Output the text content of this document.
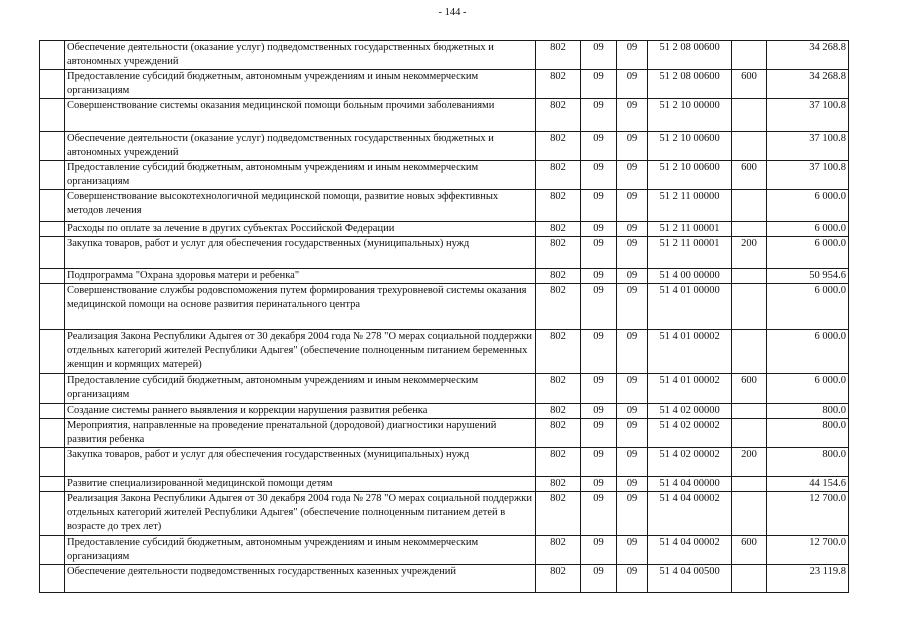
- 144 -
	Обеспечение деятельности (оказание услуг) подведомственных государственных бюджетных и автономных учреждений	802	09	09	51 2 08 00600		34 268.8
	Предоставление субсидий бюджетным, автономным учреждениям и иным некоммерческим организациям	802	09	09	51 2 08 00600	600	34 268.8
	Совершенствование системы оказания медицинской помощи больным прочими заболеваниями	802	09	09	51 2 10 00000		37 100.8
	Обеспечение деятельности (оказание услуг) подведомственных государственных бюджетных и автономных учреждений	802	09	09	51 2 10 00600		37 100.8
	Предоставление субсидий бюджетным, автономным учреждениям и иным некоммерческим организациям	802	09	09	51 2 10 00600	600	37 100.8
	Совершенствование высокотехнологичной медицинской помощи, развитие новых эффективных методов лечения	802	09	09	51 2 11 00000		6 000.0
	Расходы по оплате за лечение в других субъектах Российской Федерации	802	09	09	51 2 11 00001		6 000.0
	Закупка товаров, работ и услуг для обеспечения государственных (муниципальных) нужд	802	09	09	51 2 11 00001	200	6 000.0
	Подпрограмма "Охрана здоровья матери и ребенка"	802	09	09	51 4 00 00000		50 954.6
	Совершенствование службы родовспоможения путем формирования трехуровневой системы оказания медицинской помощи на основе развития перинатального центра	802	09	09	51 4 01 00000		6 000.0
	Реализация Закона Республики Адыгея от 30 декабря 2004 года № 278 "О мерах социальной поддержки отдельных категорий жителей Республики Адыгея" (обеспечение полноценным питанием беременных женщин и кормящих матерей)	802	09	09	51 4 01 00002		6 000.0
	Предоставление субсидий бюджетным, автономным учреждениям и иным некоммерческим организациям	802	09	09	51 4 01 00002	600	6 000.0
	Создание системы раннего выявления и коррекции нарушения развития ребенка	802	09	09	51 4 02 00000		800.0
	Мероприятия, направленные на проведение пренатальной (дородовой) диагностики нарушений развития ребенка	802	09	09	51 4 02 00002		800.0
	Закупка товаров, работ и услуг для обеспечения государственных (муниципальных) нужд	802	09	09	51 4 02 00002	200	800.0
	Развитие специализированной медицинской помощи детям	802	09	09	51 4 04 00000		44 154.6
	Реализация Закона Республики Адыгея от 30 декабря 2004 года № 278 "О мерах социальной поддержки отдельных категорий жителей Республики Адыгея" (обеспечение полноценным питанием детей в возрасте до трех лет)	802	09	09	51 4 04 00002		12 700.0
	Предоставление субсидий бюджетным, автономным учреждениям и иным некоммерческим организациям	802	09	09	51 4 04 00002	600	12 700.0
	Обеспечение деятельности подведомственных государственных казенных учреждений	802	09	09	51 4 04 00500		23 119.8
